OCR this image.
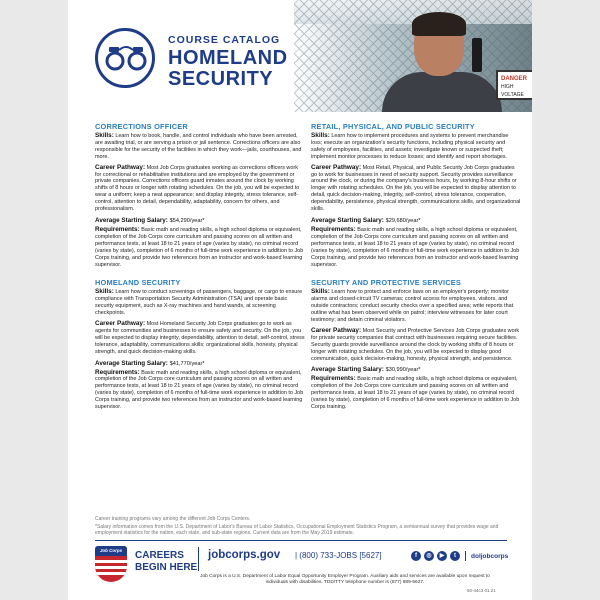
COURSE CATALOG
HOMELAND
SECURITY	DANGER
HIGH VOLTAGE
CORRECTIONS OFFICER

Skills: Learn how to book, handle, and control individuals who have been arrested, are awaiting trial, or are serving a prison or jail sentence. Corrections officers are also responsible for the security of the facilities in which they work—jails, courthouses, and more.

Career Pathway: Most Job Corps graduates working as corrections officers work for correctional or rehabilitative institutions and are employed by the government or private companies. Corrections officers guard inmates around the clock by working shifts of 8 hours or longer with rotating schedules. On the job, you will be expected to wear a uniform; keep a neat appearance; and display integrity, stress tolerance, self-control, attention to detail, dependability, adaptability, concern for others, and professionalism.

Average Starting Salary: $54,290/year*

Requirements: Basic math and reading skills, a high school diploma or equivalent, completion of the Job Corps core curriculum and passing scores on all written and performance tests, at least 18 to 21 years of age (varies by state), no criminal record (varies by state), completion of 6 months of full-time work experience in addition to Job Corps training, and provide two references from an instructor and work-based learning supervisor.

HOMELAND SECURITY

Skills: Learn how to conduct screenings of passengers, baggage, or cargo to ensure compliance with Transportation Security Administration (TSA) and operate basic security equipment, such as X-ray machines and hand wands, at screening checkpoints.

Career Pathway: Most Homeland Security Job Corps graduates go to work as agents for communities and businesses to ensure safety and security. On the job, you will be expected to display integrity, dependability, attention to detail, self-control, stress tolerance, adaptability, communications skills; organizational skills, honesty, physical strength, and quick decision-making skills.

Average Starting Salary: $41,770/year*

Requirements: Basic math and reading skills, a high school diploma or equivalent, completion of the Job Corps core curriculum and passing scores on all written and performance tests, at least 18 to 21 years of age (varies by state), no criminal record (varies by state), completion of 6 months of full-time work experience in addition to Job Corps training, and provide two references from an instructor and work-based learning supervisor.

RETAIL, PHYSICAL, AND PUBLIC SECURITY

Skills: Learn how to implement procedures and systems to prevent merchandise loss; execute an organization's security functions, including physical security and safety of employees, facilities, and assets; investigate known or suspected theft; implement monitor processes to reduce losses; and identify and report shortages.

Career Pathway: Most Retail, Physical, and Public Security Job Corps graduates go to work for businesses in need of security support. Security provides surveillance around the clock, or during the company's business hours, by working 8-hour shifts or longer with rotating schedules. On the job, you will be expected to display attention to detail, quick decision-making, integrity, self-control, stress tolerance, cooperation, dependability, persistence, physical strength, communications skills, and organizational skills.

Average Starting Salary: $29,680/year*

Requirements: Basic math and reading skills, a high school diploma or equivalent, completion of the Job Corps core curriculum and passing scores on all written and performance tests, at least 18 to 21 years of age (varies by state), no criminal record (varies by state), completion of 6 months of full-time work experience in addition to Job Corps training, and provide two references from an instructor and work-based learning supervisor.

SECURITY AND PROTECTIVE SERVICES

Skills: Learn how to protect and enforce laws on an employer's property; monitor alarms and closed-circuit TV cameras; control access for employees, visitors, and outside contractors; conduct security checks over a specified area; write reports that outline what has been observed while on patrol; interview witnesses for later court testimony; and detain criminal violators.

Career Pathway: Most Security and Protective Services Job Corps graduates work for private security companies that contract with businesses requiring secure facilities. Security guards provide surveillance around the clock by working shifts of 8 hours or longer with rotating schedules. On the job, you will be expected to display good communication, quick decision-making, honesty, physical strength, and persistence.

Average Starting Salary: $30,990/year*

Requirements: Basic math and reading skills, a high school diploma or equivalent, completion of the Job Corps core curriculum and passing scores on all written and performance tests, at least 18 to 21 years of age (varies by state), no criminal record (varies by state), completion of 6 months of full-time work experience in addition to Job Corps training.

Career training programs vary among the different Job Corps Centers.

*Salary information comes from the U.S. Department of Labor's Bureau of Labor Statistics, Occupational Employment Statistics Program, a semiannual survey that provides wage and employment statistics for the nation, each state, and sub-state regions. Current data are from the May 2019 estimate.

Job Corps	CAREERS
BEGIN HERE
jobcorps.gov | (800) 733-JOBS [5627]	f	◎	▶	t	doljobcorps
Job Corps is a U.S. Department of Labor Equal Opportunity Employer Program. Auxiliary aids and services are available upon request to individuals with disabilities. TDD/TTY telephone number is (877) 889-5627.
50-44c3 01.21
